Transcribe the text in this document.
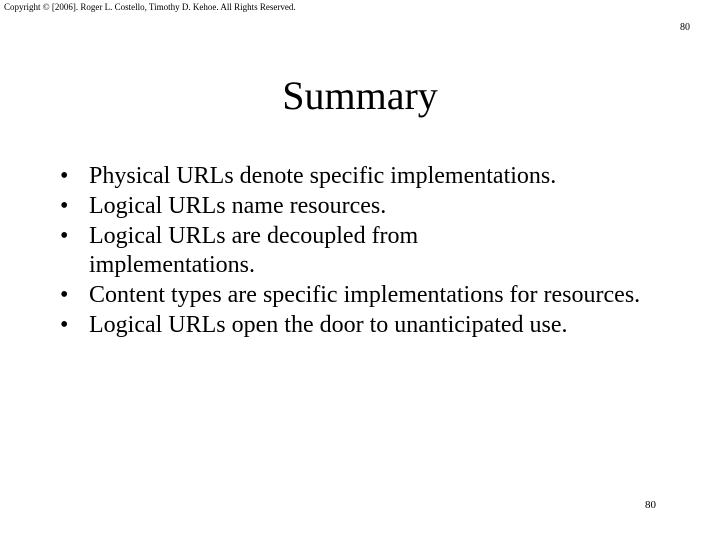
Copyright © [2006]. Roger L. Costello, Timothy D. Kehoe. All Rights Reserved.
80
Summary
• Physical URLs denote specific implementations.
• Logical URLs name resources.
• Logical URLs are decoupled from implementations.
• Content types are specific implementations for resources.
• Logical URLs open the door to unanticipated use.
80
